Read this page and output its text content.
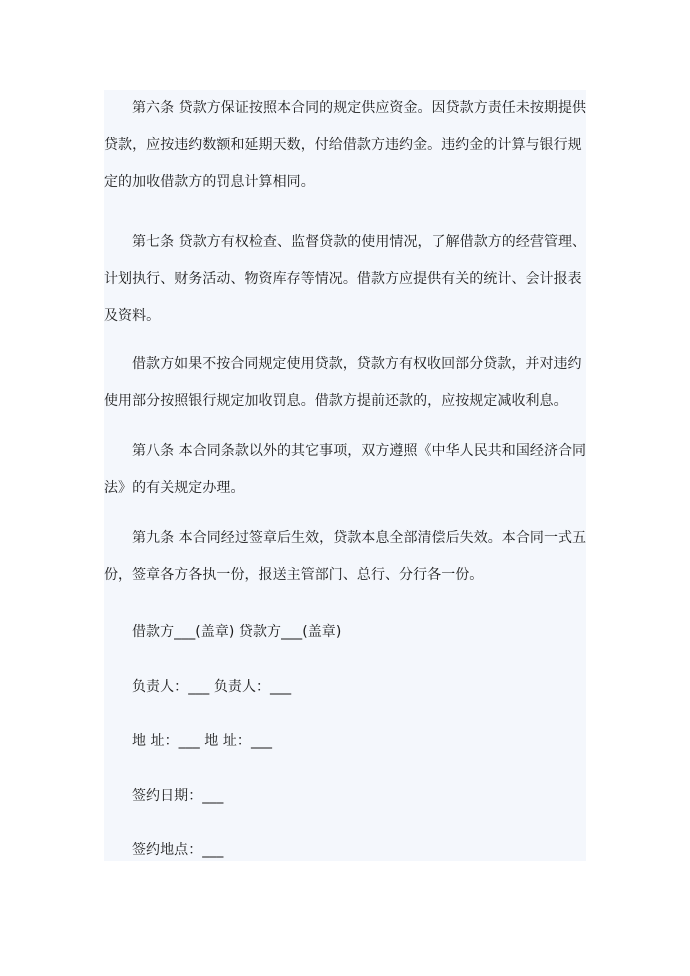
第六条 贷款方保证按照本合同的规定供应资金。因贷款方责任未按期提供
贷款，应按违约数额和延期天数，付给借款方违约金。违约金的计算与银行规
定的加收借款方的罚息计算相同。

第七条 贷款方有权检查、监督贷款的使用情况，了解借款方的经营管理、
计划执行、财务活动、物资库存等情况。借款方应提供有关的统计、会计报表
及资料。

借款方如果不按合同规定使用贷款，贷款方有权收回部分贷款，并对违约
使用部分按照银行规定加收罚息。借款方提前还款的，应按规定减收利息。

第八条 本合同条款以外的其它事项，双方遵照《中华人民共和国经济合同
法》的有关规定办理。

第九条 本合同经过签章后生效，贷款本息全部清偿后失效。本合同一式五
份，签章各方各执一份，报送主管部门、总行、分行各一份。

借款方___(盖章) 贷款方___(盖章)

负责人：___ 负责人：___

地 址：___ 地 址：___

签约日期：___

签约地点：___
